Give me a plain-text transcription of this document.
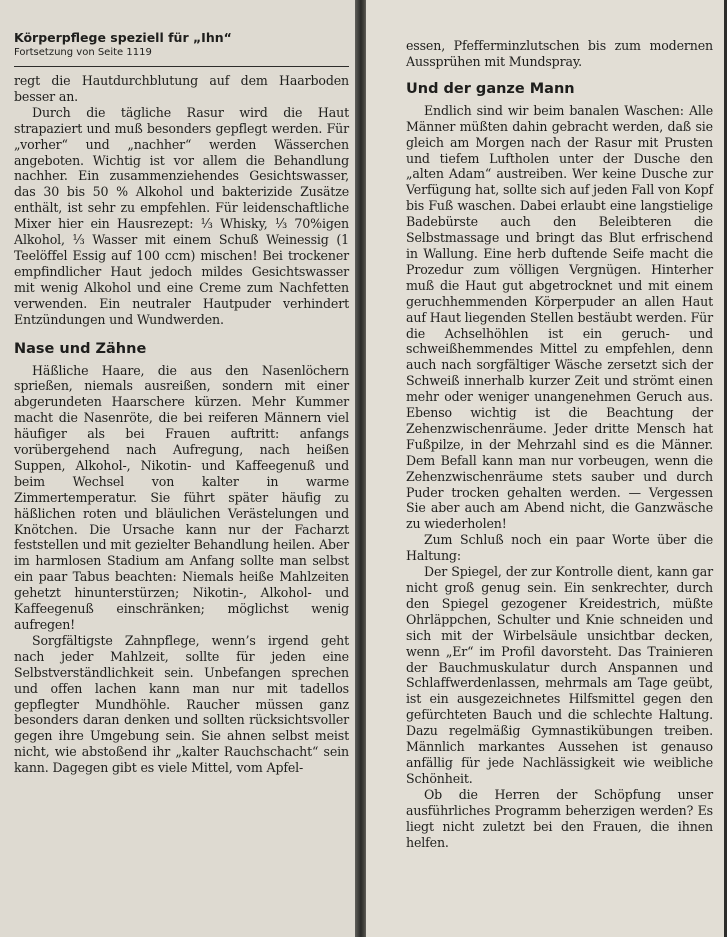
Körperpflege speziell für „Ihn“
Fortsetzung von Seite 1119

regt die Hautdurchblutung auf dem Haarboden besser an.

Durch die tägliche Rasur wird die Haut strapaziert und muß besonders gepflegt werden. Für „vorher“ und „nachher“ werden Wässerchen angeboten. Wichtig ist vor allem die Behandlung nachher. Ein zusammenziehendes Gesichtswasser, das 30 bis 50 % Alkohol und bakterizide Zusätze enthält, ist sehr zu empfehlen. Für leidenschaftliche Mixer hier ein Hausrezept: ⅓ Whisky, ⅓ 70%igen Alkohol, ⅓ Wasser mit einem Schuß Weinessig (1 Teelöffel Essig auf 100 ccm) mischen! Bei trockener empfindlicher Haut jedoch mildes Gesichtswasser mit wenig Alkohol und eine Creme zum Nachfetten verwenden. Ein neutraler Hautpuder verhindert Entzündungen und Wundwerden.

Nase und Zähne

Häßliche Haare, die aus den Nasenlöchern sprießen, niemals ausreißen, sondern mit einer abgerundeten Haarschere kürzen. Mehr Kummer macht die Nasenröte, die bei reiferen Männern viel häufiger als bei Frauen auftritt: anfangs vorübergehend nach Aufregung, nach heißen Suppen, Alkohol-, Nikotin- und Kaffeegenuß und beim Wechsel von kalter in warme Zimmertemperatur. Sie führt später häufig zu häßlichen roten und bläulichen Verästelungen und Knötchen. Die Ursache kann nur der Facharzt feststellen und mit gezielter Behandlung heilen. Aber im harmlosen Stadium am Anfang sollte man selbst ein paar Tabus beachten: Niemals heiße Mahlzeiten gehetzt hinunterstürzen; Nikotin-, Alkohol- und Kaffeegenuß einschränken; möglichst wenig aufregen!

Sorgfältigste Zahnpflege, wenn’s irgend geht nach jeder Mahlzeit, sollte für jeden eine Selbstverständlichkeit sein. Unbefangen sprechen und offen lachen kann man nur mit tadellos gepflegter Mundhöhle. Raucher müssen ganz besonders daran denken und sollten rücksichtsvoller gegen ihre Umgebung sein. Sie ahnen selbst meist nicht, wie abstoßend ihr „kalter Rauchschacht“ sein kann. Dagegen gibt es viele Mittel, vom Apfel-

essen, Pfefferminzlutschen bis zum modernen Aussprühen mit Mundspray.

Und der ganze Mann

Endlich sind wir beim banalen Waschen: Alle Männer müßten dahin gebracht werden, daß sie gleich am Morgen nach der Rasur mit Prusten und tiefem Luftholen unter der Dusche den „alten Adam“ austreiben. Wer keine Dusche zur Verfügung hat, sollte sich auf jeden Fall von Kopf bis Fuß waschen. Dabei erlaubt eine langstielige Badebürste auch den Beleibteren die Selbstmassage und bringt das Blut erfrischend in Wallung. Eine herb duftende Seife macht die Prozedur zum völligen Vergnügen. Hinterher muß die Haut gut abgetrocknet und mit einem geruchhemmenden Körperpuder an allen Haut auf Haut liegenden Stellen bestäubt werden. Für die Achselhöhlen ist ein geruch- und schweißhemmendes Mittel zu empfehlen, denn auch nach sorgfältiger Wäsche zersetzt sich der Schweiß innerhalb kurzer Zeit und strömt einen mehr oder weniger unangenehmen Geruch aus. Ebenso wichtig ist die Beachtung der Zehenzwischenräume. Jeder dritte Mensch hat Fußpilze, in der Mehrzahl sind es die Männer. Dem Befall kann man nur vorbeugen, wenn die Zehenzwischenräume stets sauber und durch Puder trocken gehalten werden. — Vergessen Sie aber auch am Abend nicht, die Ganzwäsche zu wiederholen!

Zum Schluß noch ein paar Worte über die Haltung:

Der Spiegel, der zur Kontrolle dient, kann gar nicht groß genug sein. Ein senkrechter, durch den Spiegel gezogener Kreidestrich, müßte Ohrläppchen, Schulter und Knie schneiden und sich mit der Wirbelsäule unsichtbar decken, wenn „Er“ im Profil davorsteht. Das Trainieren der Bauchmuskulatur durch Anspannen und Schlaffwerdenlassen, mehrmals am Tage geübt, ist ein ausgezeichnetes Hilfsmittel gegen den gefürchteten Bauch und die schlechte Haltung. Dazu regelmäßig Gymnastikübungen treiben. Männlich markantes Aussehen ist genauso anfällig für jede Nachlässigkeit wie weibliche Schönheit.

Ob die Herren der Schöpfung unser ausführliches Programm beherzigen werden? Es liegt nicht zuletzt bei den Frauen, die ihnen helfen.
